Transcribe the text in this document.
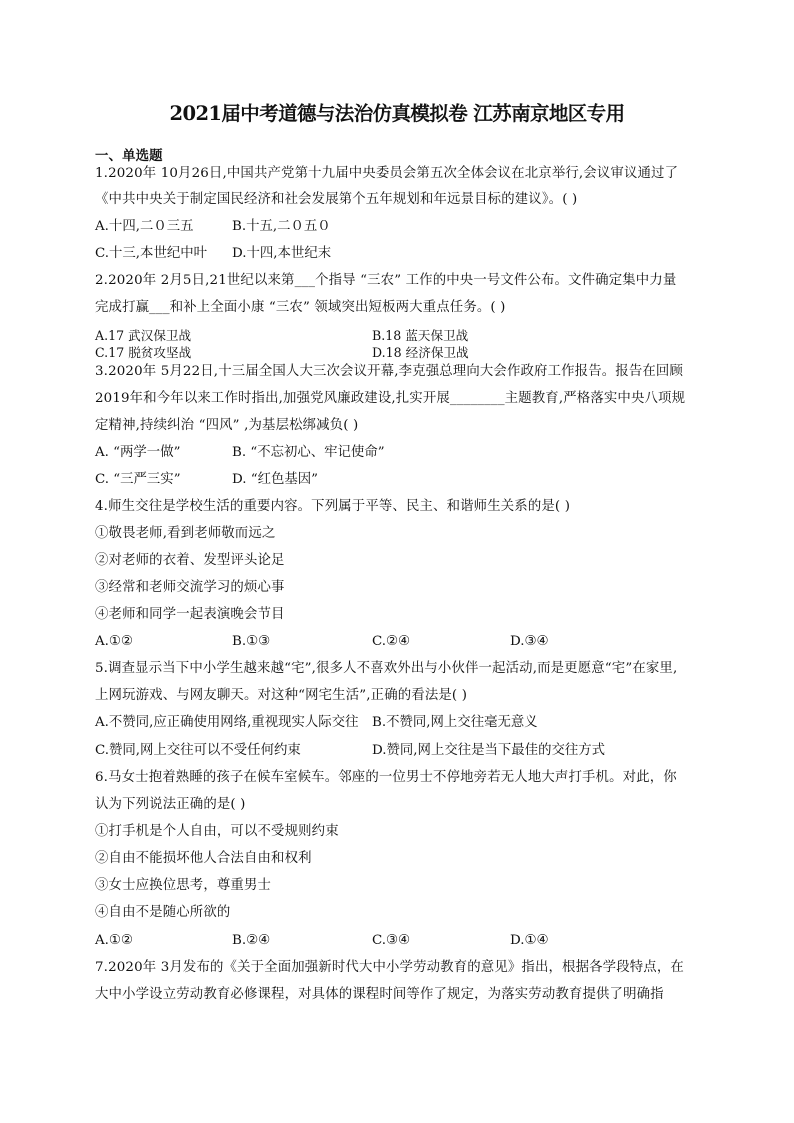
2021届中考道德与法治仿真模拟卷 江苏南京地区专用
一、单选题
1.2020年 10月26日,中国共产党第十九届中央委员会第五次全体会议在北京举行,会议审议通过了
《中共中央关于制定国民经济和社会发展第个五年规划和年远景目标的建议》。( )
A.十四,二０三五	B.十五,二０五０
C.十三,本世纪中叶 D.十四,本世纪末
2.2020年 2月5日,21世纪以来第___个指导 “三农” 工作的中央一号文件公布。文件确定集中力量
完成打赢___和补上全面小康 “三农” 领域突出短板两大重点任务。( )
A.17 武汉保卫战	B.18 蓝天保卫战
C.17 脱贫攻坚战	D.18 经济保卫战
3.2020年 5月22日,十三届全国人大三次会议开幕,李克强总理向大会作政府工作报告。报告在回顾
2019年和今年以来工作时指出,加强党风廉政建设,扎实开展________主题教育,严格落实中央八项规
定精神,持续纠治 “四风” ,为基层松绑减负( )
A. “两学一做”	B. “不忘初心、牢记使命”
C. “三严三实”	D. “红色基因”
4.师生交往是学校生活的重要内容。下列属于平等、民主、和谐师生关系的是( )
①敬畏老师,看到老师敬而远之
②对老师的衣着、发型评头论足
③经常和老师交流学习的烦心事
④老师和同学一起表演晚会节目
A.①②	B.①③	C.②④	D.③④
5.调查显示当下中小学生越来越“宅”,很多人不喜欢外出与小伙伴一起活动,而是更愿意“宅”在家里,
上网玩游戏、与网友聊天。对这种“网宅生活”,正确的看法是( )
A.不赞同,应正确使用网络,重视现实人际交往 B.不赞同,网上交往毫无意义
C.赞同,网上交往可以不受任何约束	D.赞同,网上交往是当下最佳的交往方式
6.马女士抱着熟睡的孩子在候车室候车。邻座的一位男士不停地旁若无人地大声打手机。对此，你
认为下列说法正确的是( )
①打手机是个人自由，可以不受规则约束
②自由不能损坏他人合法自由和权利
③女士应换位思考，尊重男士
④自由不是随心所欲的
A.①②	B.②④	C.③④	D.①④
7.2020年 3月发布的《关于全面加强新时代大中小学劳动教育的意见》指出，根据各学段特点，在
大中小学设立劳动教育必修课程，对具体的课程时间等作了规定，为落实劳动教育提供了明确指
